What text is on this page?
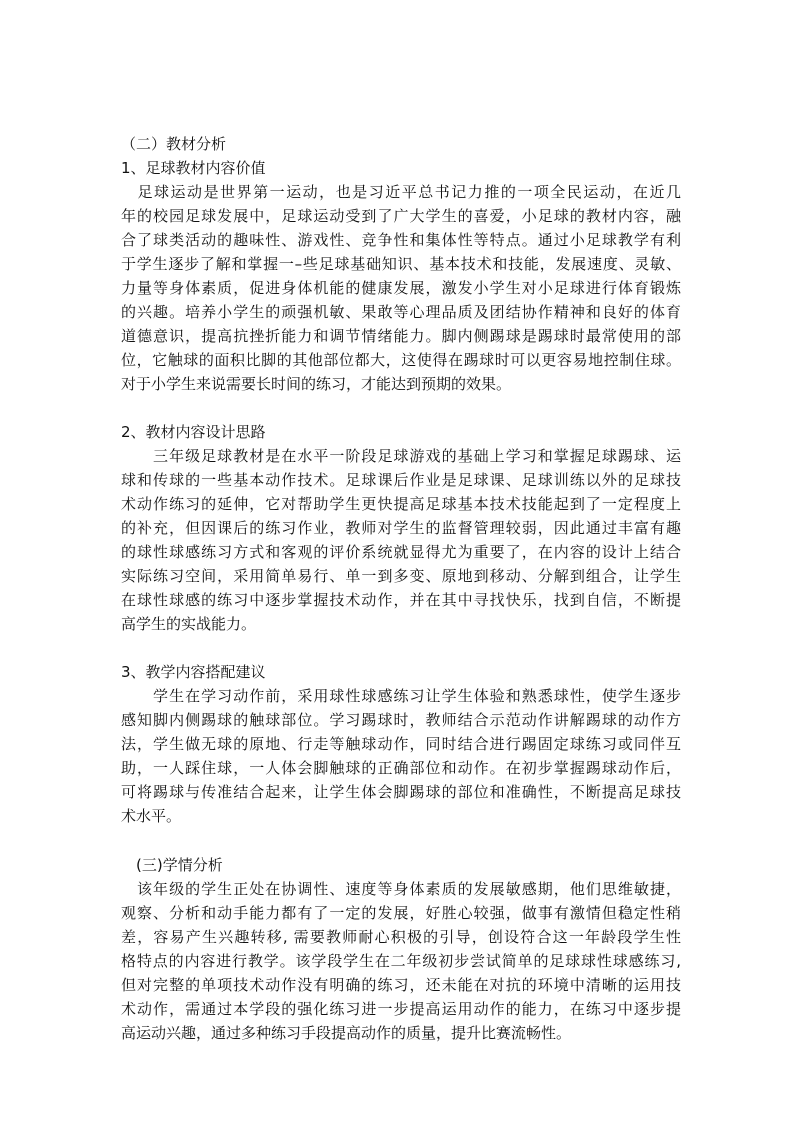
（二）教材分析
1、足球教材内容价值
　足球运动是世界第一运动，也是习近平总书记力推的一项全民运动，在近几
年的校园足球发展中，足球运动受到了广大学生的喜爱，小足球的教材内容，融
合了球类活动的趣味性、游戏性、竞争性和集体性等特点。通过小足球教学有利
于学生逐步了解和掌握一–些足球基础知识、基本技术和技能，发展速度、灵敏、
力量等身体素质，促进身体机能的健康发展，激发小学生对小足球进行体育锻炼
的兴趣。培养小学生的顽强机敏、果敢等心理品质及团结协作精神和良好的体育
道德意识，提高抗挫折能力和调节情绪能力。脚内侧踢球是踢球时最常使用的部
位，它触球的面积比脚的其他部位都大，这使得在踢球时可以更容易地控制住球。
对于小学生来说需要长时间的练习，才能达到预期的效果。
2、教材内容设计思路
　　三年级足球教材是在水平一阶段足球游戏的基础上学习和掌握足球踢球、运
球和传球的一些基本动作技术。足球课后作业是足球课、足球训练以外的足球技
术动作练习的延伸，它对帮助学生更快提高足球基本技术技能起到了一定程度上
的补充，但因课后的练习作业，教师对学生的监督管理较弱，因此通过丰富有趣
的球性球感练习方式和客观的评价系统就显得尤为重要了，在内容的设计上结合
实际练习空间，采用简单易行、单一到多变、原地到移动、分解到组合，让学生
在球性球感的练习中逐步掌握技术动作，并在其中寻找快乐，找到自信，不断提
高学生的实战能力。
3、教学内容搭配建议
　　学生在学习动作前，采用球性球感练习让学生体验和熟悉球性，使学生逐步
感知脚内侧踢球的触球部位。学习踢球时，教师结合示范动作讲解踢球的动作方
法，学生做无球的原地、行走等触球动作，同时结合进行踢固定球练习或同伴互
助，一人踩住球，一人体会脚触球的正确部位和动作。在初步掌握踢球动作后，
可将踢球与传准结合起来，让学生体会脚踢球的部位和准确性，不断提高足球技
术水平。
　(三)学情分析
　该年级的学生正处在协调性、速度等身体素质的发展敏感期，他们思维敏捷，
观察、分析和动手能力都有了一定的发展，好胜心较强，做事有激情但稳定性稍
差，容易产生兴趣转移, 需要教师耐心积极的引导，创设符合这一年龄段学生性
格特点的内容进行教学。该学段学生在二年级初步尝试简单的足球球性球感练习,
但对完整的单项技术动作没有明确的练习，还未能在对抗的环境中清晰的运用技
术动作，需通过本学段的强化练习进一步提高运用动作的能力，在练习中逐步提
高运动兴趣，通过多种练习手段提高动作的质量，提升比赛流畅性。
